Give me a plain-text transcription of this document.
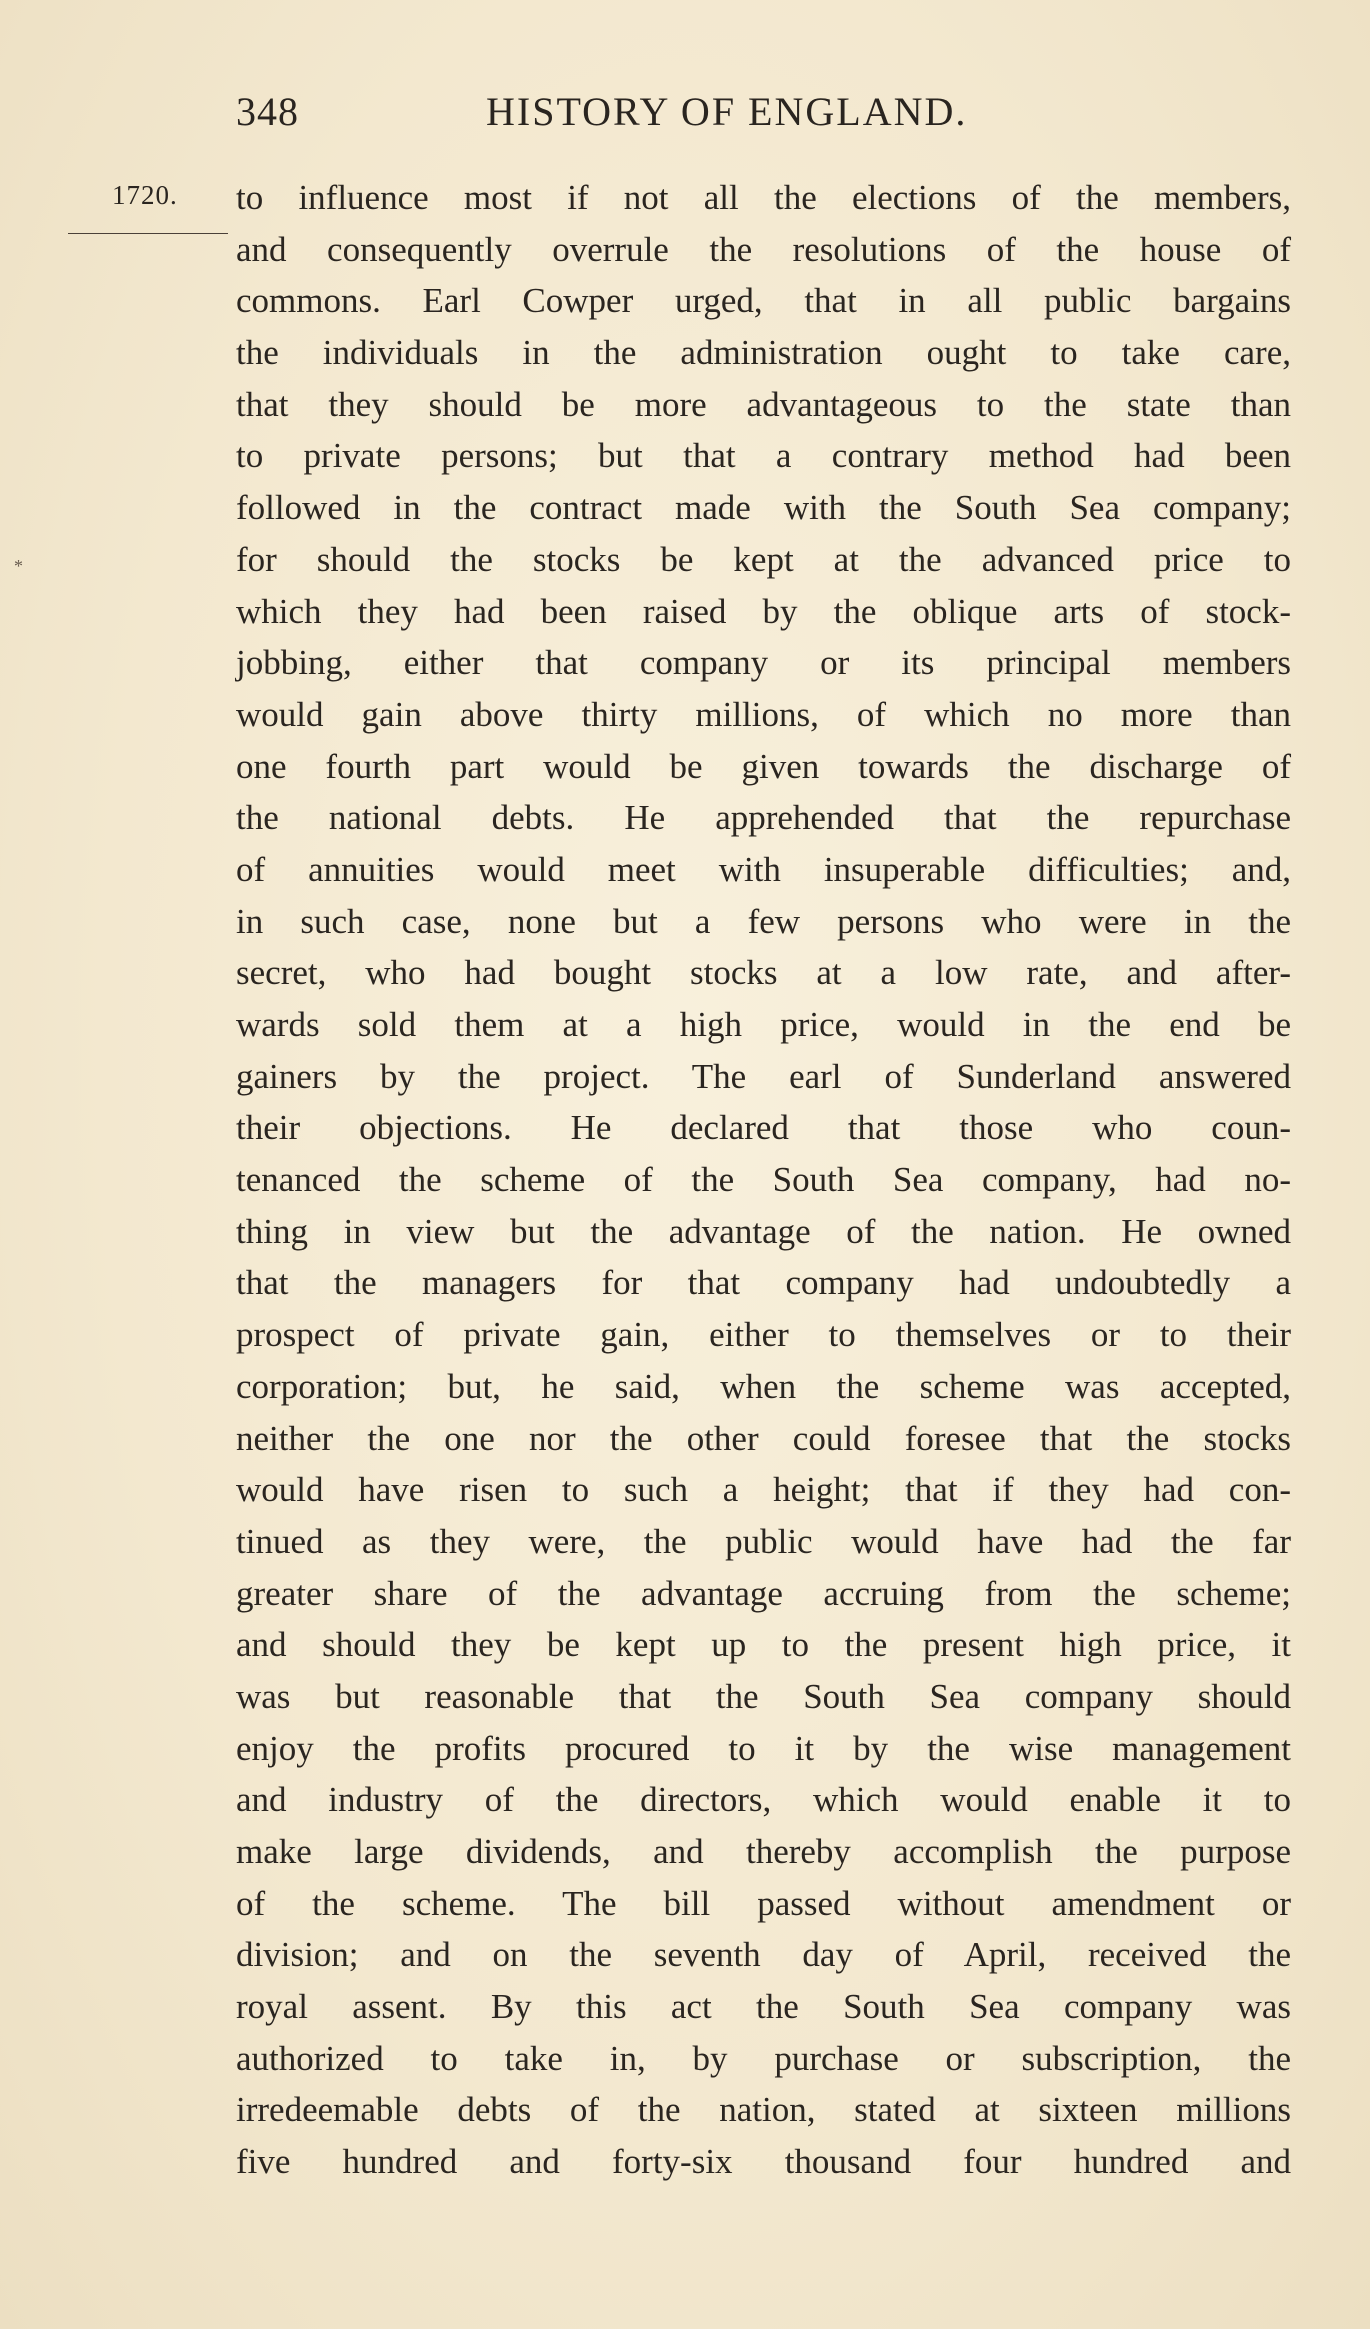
348	HISTORY OF ENGLAND.
1720.
*
to influence most if not all the elections of the members,
and consequently overrule the resolutions of the house of
commons. Earl Cowper urged, that in all public bargains
the individuals in the administration ought to take care,
that they should be more advantageous to the state than
to private persons; but that a contrary method had been
followed in the contract made with the South Sea company;
for should the stocks be kept at the advanced price to
which they had been raised by the oblique arts of stock-
jobbing, either that company or its principal members
would gain above thirty millions, of which no more than
one fourth part would be given towards the discharge of
the national debts. He apprehended that the repurchase
of annuities would meet with insuperable difficulties; and,
in such case, none but a few persons who were in the
secret, who had bought stocks at a low rate, and after-
wards sold them at a high price, would in the end be
gainers by the project. The earl of Sunderland answered
their objections. He declared that those who coun-
tenanced the scheme of the South Sea company, had no-
thing in view but the advantage of the nation. He owned
that the managers for that company had undoubtedly a
prospect of private gain, either to themselves or to their
corporation; but, he said, when the scheme was accepted,
neither the one nor the other could foresee that the stocks
would have risen to such a height; that if they had con-
tinued as they were, the public would have had the far
greater share of the advantage accruing from the scheme;
and should they be kept up to the present high price, it
was but reasonable that the South Sea company should
enjoy the profits procured to it by the wise management
and industry of the directors, which would enable it to
make large dividends, and thereby accomplish the purpose
of the scheme. The bill passed without amendment or
division; and on the seventh day of April, received the
royal assent. By this act the South Sea company was
authorized to take in, by purchase or subscription, the
irredeemable debts of the nation, stated at sixteen millions
five hundred and forty-six thousand four hundred and
